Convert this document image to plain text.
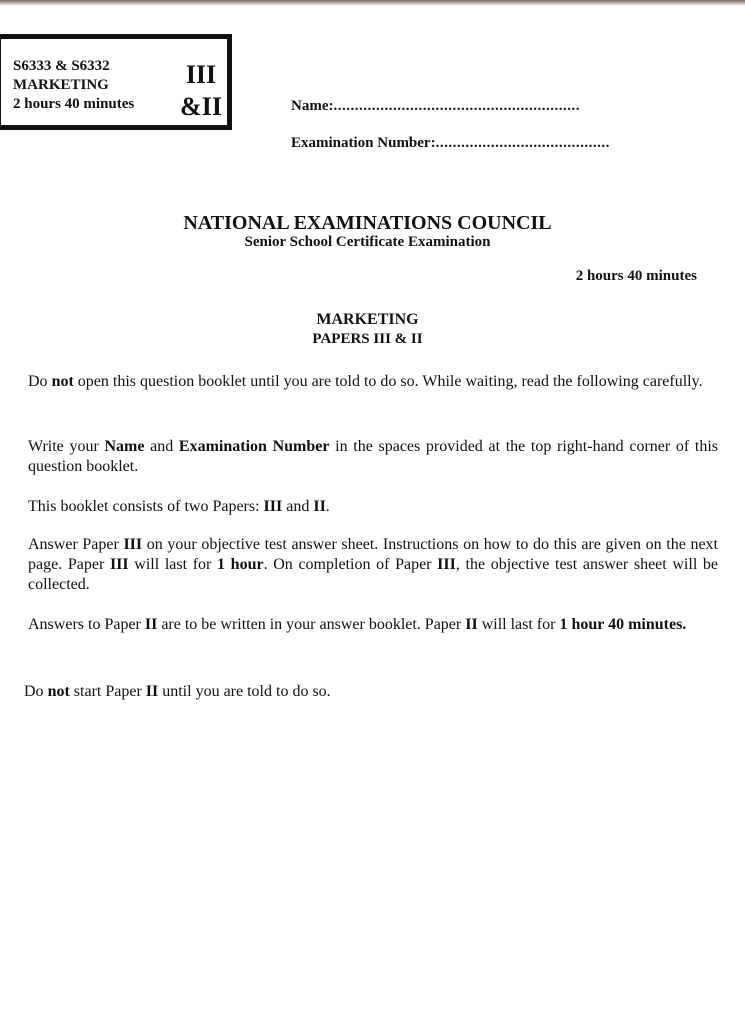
S6333 & S6332
MARKETING
2 hours 40 minutes
III
&II	Name:..........................................................
Examination Number:.........................................
NATIONAL EXAMINATIONS COUNCIL
Senior School Certificate Examination
2 hours 40 minutes
MARKETING
PAPERS III & II
Do not open this question booklet until you are told to do so. While waiting, read the following carefully.
Write your Name and Examination Number in the spaces provided at the top right-hand corner of this question booklet.
This booklet consists of two Papers: III and II.
Answer Paper III on your objective test answer sheet. Instructions on how to do this are given on the next page. Paper III will last for 1 hour. On completion of Paper III, the objective test answer sheet will be collected.
Answers to Paper II are to be written in your answer booklet. Paper II will last for 1 hour 40 minutes.
Do not start Paper II until you are told to do so.
